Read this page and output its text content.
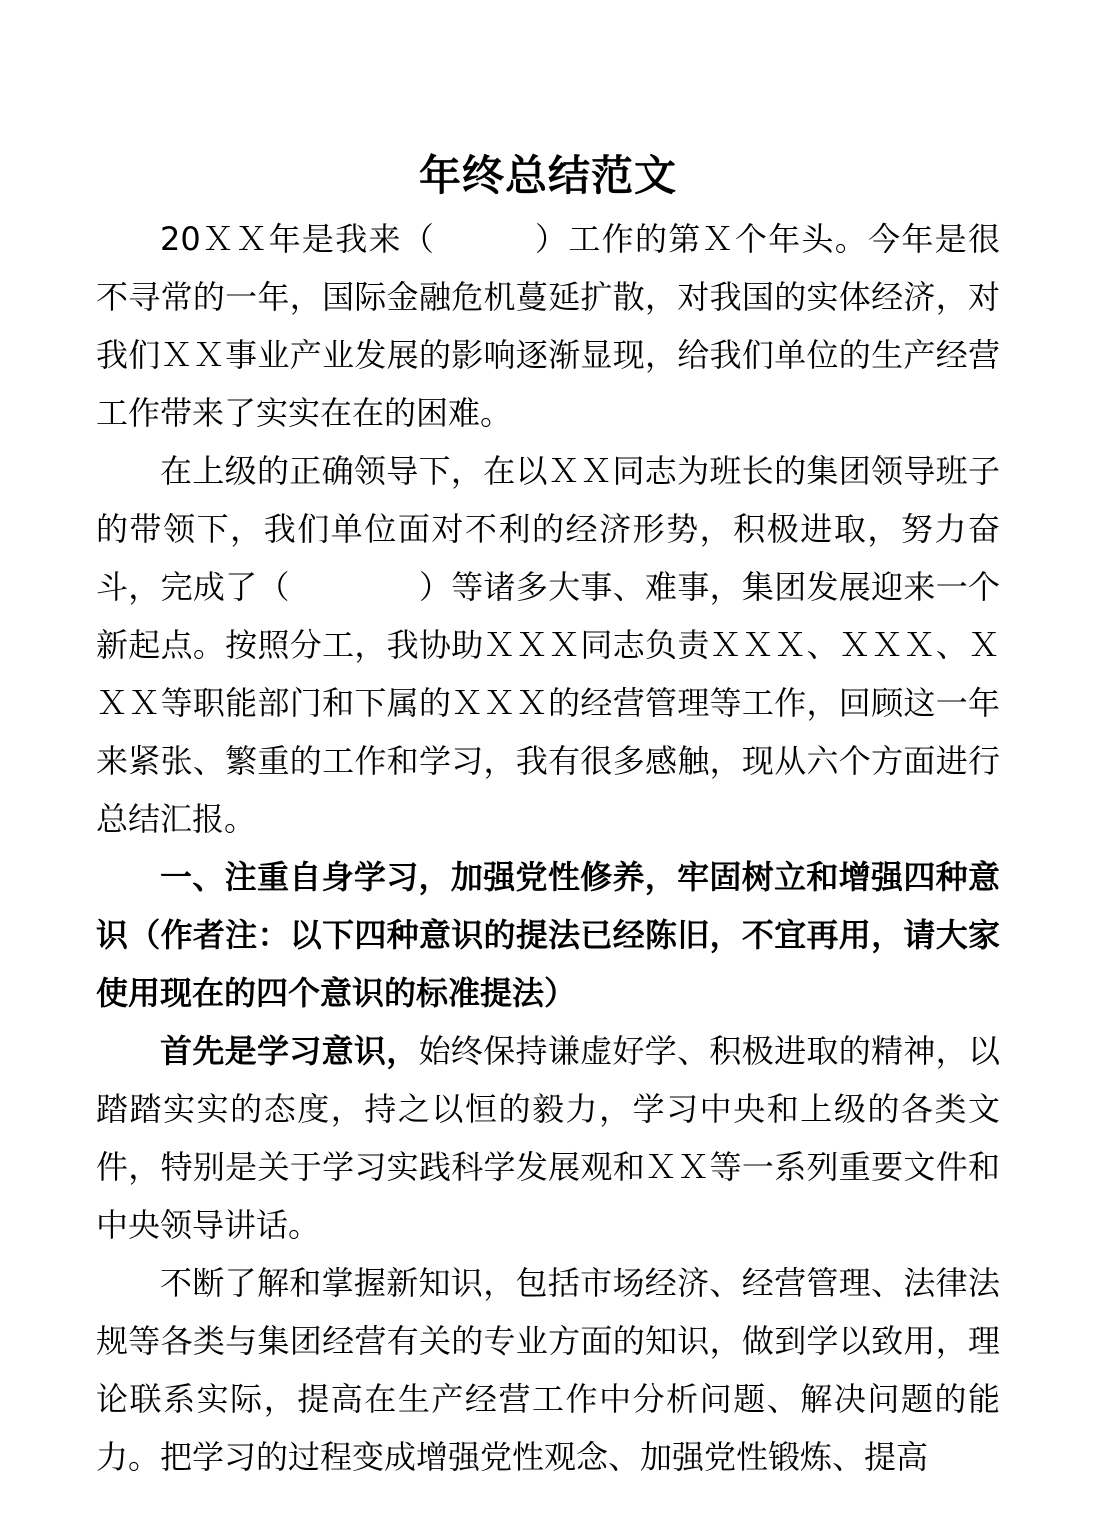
年终总结范文

20ＸＸ年是我来（　　　）工作的第Ｘ个年头。今年是很不寻常的一年，国际金融危机蔓延扩散，对我国的实体经济，对我们ＸＸ事业产业发展的影响逐渐显现，给我们单位的生产经营工作带来了实实在在的困难。

在上级的正确领导下，在以ＸＸ同志为班长的集团领导班子的带领下，我们单位面对不利的经济形势，积极进取，努力奋斗，完成了（　　　　）等诸多大事、难事，集团发展迎来一个新起点。按照分工，我协助ＸＸＸ同志负责ＸＸＸ、ＸＸＸ、ＸＸＸ等职能部门和下属的ＸＸＸ的经营管理等工作，回顾这一年来紧张、繁重的工作和学习，我有很多感触，现从六个方面进行总结汇报。

一、注重自身学习，加强党性修养，牢固树立和增强四种意识（作者注：以下四种意识的提法已经陈旧，不宜再用，请大家使用现在的四个意识的标准提法）

首先是学习意识，始终保持谦虚好学、积极进取的精神，以踏踏实实的态度，持之以恒的毅力，学习中央和上级的各类文件，特别是关于学习实践科学发展观和ＸＸ等一系列重要文件和中央领导讲话。

不断了解和掌握新知识，包括市场经济、经营管理、法律法规等各类与集团经营有关的专业方面的知识，做到学以致用，理论联系实际，提高在生产经营工作中分析问题、解决问题的能力。把学习的过程变成增强党性观念、加强党性锻炼、提高
